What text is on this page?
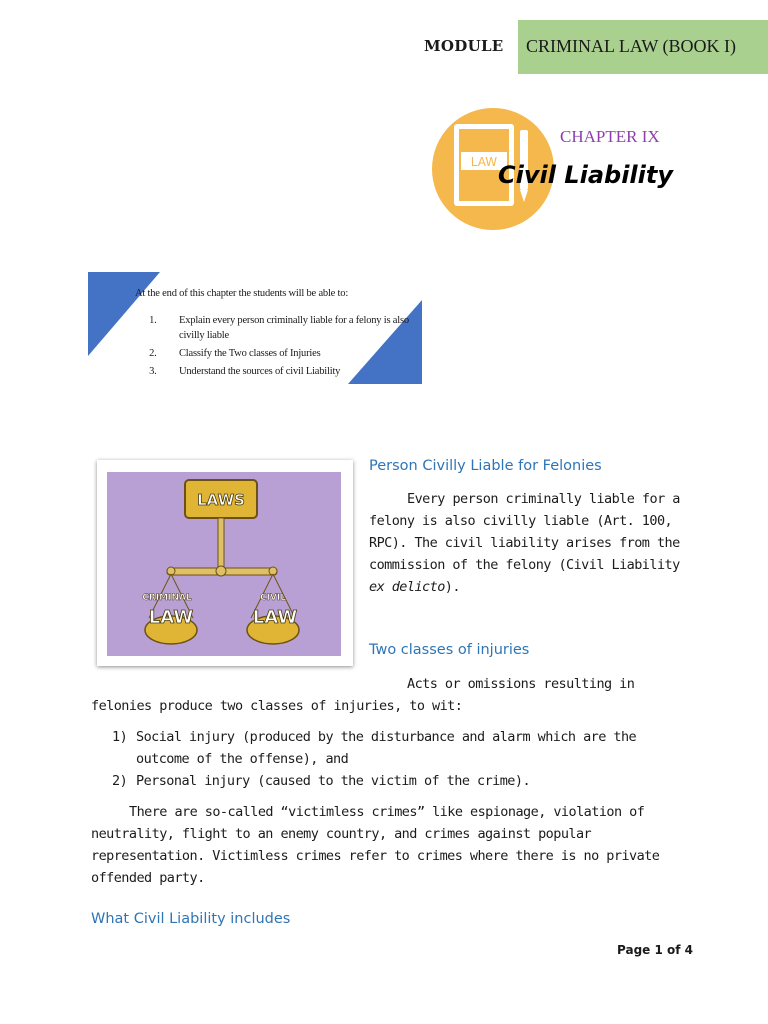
MODULE CRIMINAL LAW (BOOK I)
LAW
CHAPTER IX
Civil Liability
At the end of this chapter the students will be able to:
1. Explain every person criminally liable for a felony is also civilly liable
2. Classify the Two classes of Injuries
3. Understand the sources of civil Liability
LAWS
CRIMINAL
LAW
CIVIL
LAW
Person Civilly Liable for Felonies
Every person criminally liable for a felony is also civilly liable (Art. 100, RPC). The civil liability arises from the commission of the felony (Civil Liability ex delicto).
Two classes of injuries
Acts or omissions resulting in
felonies produce two classes of injuries, to wit:
1) Social injury (produced by the disturbance and alarm which are the outcome of the offense), and
2) Personal injury (caused to the victim of the crime).
There are so-called “victimless crimes” like espionage, violation of neutrality, flight to an enemy country, and crimes against popular representation. Victimless crimes refer to crimes where there is no private offended party.
What Civil Liability includes
Page 1 of 4
